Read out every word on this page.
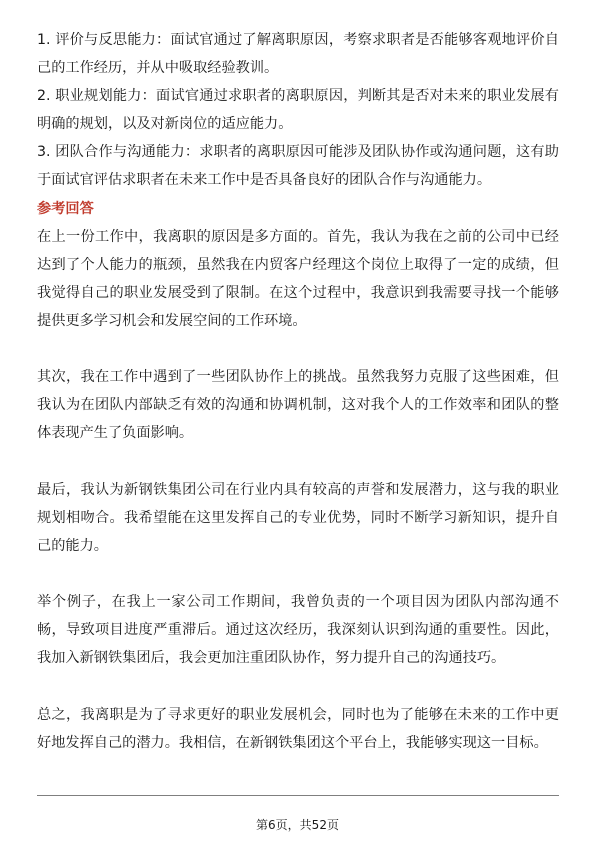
1. 评价与反思能力：面试官通过了解离职原因，考察求职者是否能够客观地评价自己的工作经历，并从中吸取经验教训。

2. 职业规划能力：面试官通过求职者的离职原因，判断其是否对未来的职业发展有明确的规划，以及对新岗位的适应能力。

3. 团队合作与沟通能力：求职者的离职原因可能涉及团队协作或沟通问题，这有助于面试官评估求职者在未来工作中是否具备良好的团队合作与沟通能力。

参考回答

在上一份工作中，我离职的原因是多方面的。首先，我认为我在之前的公司中已经达到了个人能力的瓶颈，虽然我在内贸客户经理这个岗位上取得了一定的成绩，但我觉得自己的职业发展受到了限制。在这个过程中，我意识到我需要寻找一个能够提供更多学习机会和发展空间的工作环境。

其次，我在工作中遇到了一些团队协作上的挑战。虽然我努力克服了这些困难，但我认为在团队内部缺乏有效的沟通和协调机制，这对我个人的工作效率和团队的整体表现产生了负面影响。

最后，我认为新钢铁集团公司在行业内具有较高的声誉和发展潜力，这与我的职业规划相吻合。我希望能在这里发挥自己的专业优势，同时不断学习新知识，提升自己的能力。

举个例子，在我上一家公司工作期间，我曾负责的一个项目因为团队内部沟通不畅，导致项目进度严重滞后。通过这次经历，我深刻认识到沟通的重要性。因此，我加入新钢铁集团后，我会更加注重团队协作，努力提升自己的沟通技巧。

总之，我离职是为了寻求更好的职业发展机会，同时也为了能够在未来的工作中更好地发挥自己的潜力。我相信，在新钢铁集团这个平台上，我能够实现这一目标。

第6页，共52页
